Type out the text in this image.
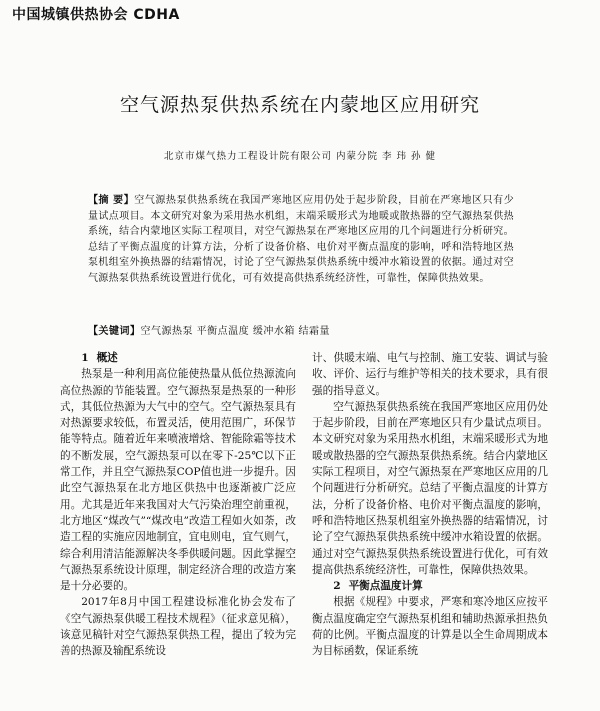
中国城镇供热协会 CDHA
空气源热泵供热系统在内蒙地区应用研究
北京市煤气热力工程设计院有限公司 内蒙分院 李 玮 孙 健
【摘 要】空气源热泵供热系统在我国严寒地区应用仍处于起步阶段，目前在严寒地区只有少量试点项目。本文研究对象为采用热水机组，末端采暖形式为地暖或散热器的空气源热泵供热系统，结合内蒙地区实际工程项目，对空气源热泵在严寒地区应用的几个问题进行分析研究。总结了平衡点温度的计算方法，分析了设备价格、电价对平衡点温度的影响，呼和浩特地区热泵机组室外换热器的结霜情况，讨论了空气源热泵供热系统中缓冲水箱设置的依据。通过对空气源热泵供热系统设置进行优化，可有效提高供热系统经济性，可靠性，保障供热效果。
【关键词】空气源热泵 平衡点温度 缓冲水箱 结霜量

1 概述

热泵是一种利用高位能使热量从低位热源流向高位热源的节能装置。空气源热泵是热泵的一种形式，其低位热源为大气中的空气。空气源热泵具有对热源要求较低，布置灵活，使用范围广，环保节能等特点。随着近年来喷液增焓、智能除霜等技术的不断发展，空气源热泵可以在零下-25℃以下正常工作，并且空气源热泵COP值也进一步提升。因此空气源热泵在北方地区供热中也逐渐被广泛应用。尤其是近年来我国对大气污染治理空前重视，北方地区“煤改气”“煤改电”改造工程如火如荼，改造工程的实施应因地制宜，宜电则电，宜气则气，综合利用清洁能源解决冬季供暖问题。因此掌握空气源热泵系统设计原理，制定经济合理的改造方案是十分必要的。

2017年8月中国工程建设标准化协会发布了《空气源热泵供暖工程技术规程》（征求意见稿），该意见稿针对空气源热泵供热工程，提出了较为完善的热源及输配系统设

计、供暖末端、电气与控制、施工安装、调试与验收、评价、运行与维护等相关的技术要求，具有很强的指导意义。

空气源热泵供热系统在我国严寒地区应用仍处于起步阶段，目前在严寒地区只有少量试点项目。本文研究对象为采用热水机组，末端采暖形式为地暖或散热器的空气源热泵供热系统。结合内蒙地区实际工程项目，对空气源热泵在严寒地区应用的几个问题进行分析研究。总结了平衡点温度的计算方法，分析了设备价格、电价对平衡点温度的影响，呼和浩特地区热泵机组室外换热器的结霜情况，讨论了空气源热泵供热系统中缓冲水箱设置的依据。通过对空气源热泵供热系统设置进行优化，可有效提高供热系统经济性，可靠性，保障供热效果。

2 平衡点温度计算

根据《规程》中要求，严寒和寒冷地区应按平衡点温度确定空气源热泵机组和辅助热源承担热负荷的比例。平衡点温度的计算是以全生命周期成本为目标函数，保证系统
